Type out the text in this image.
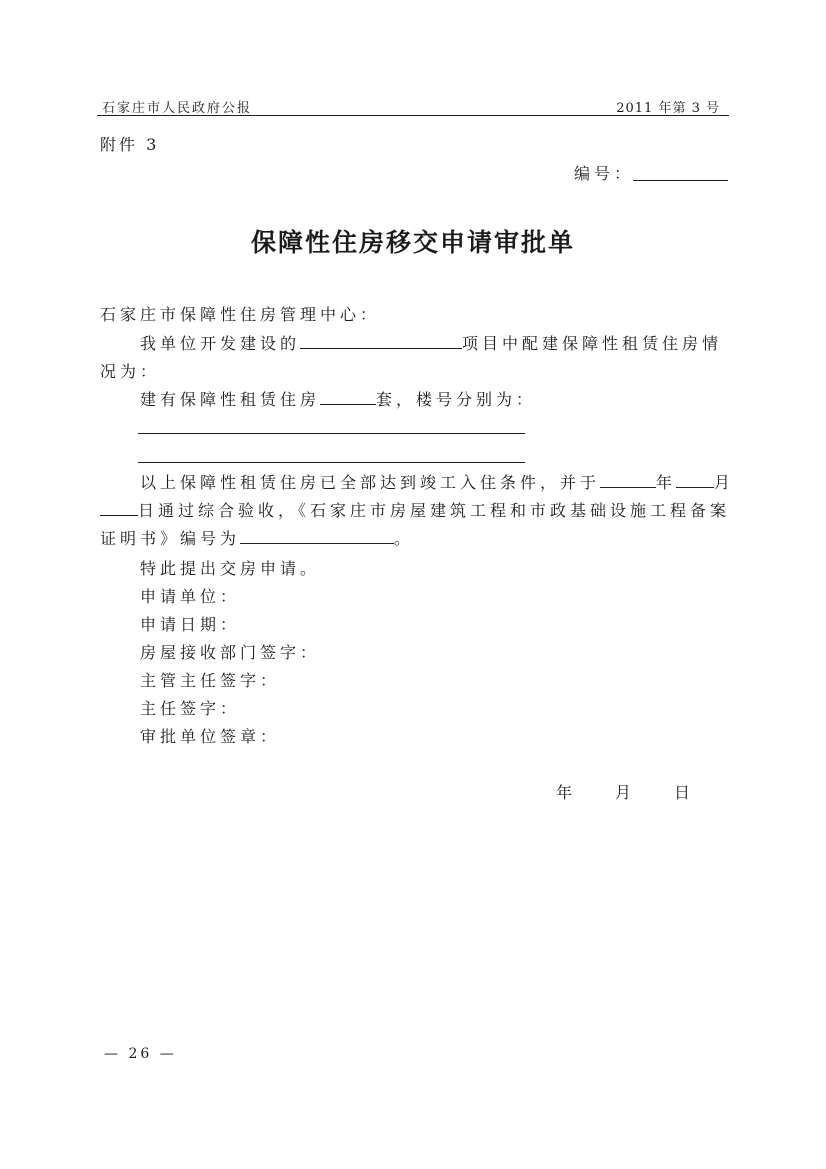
石家庄市人民政府公报	2011 年第 3 号
附件 3
编号：
保障性住房移交申请审批单
石家庄市保障性住房管理中心：
我单位开发建设的	项目中配建保障性租赁住房情
况为：
建有保障性租赁住房	套，楼号分别为：
以上保障性租赁住房已全部达到竣工入住条件，并于	年 月
日通过综合验收，《石家庄市房屋建筑工程和市政基础设施工程备案
证明书》编号为	。
特此提出交房申请。
申请单位：
申请日期：
房屋接收部门签字：
主管主任签字：
主任签字：
审批单位签章：
年	月	日
— 26 —
